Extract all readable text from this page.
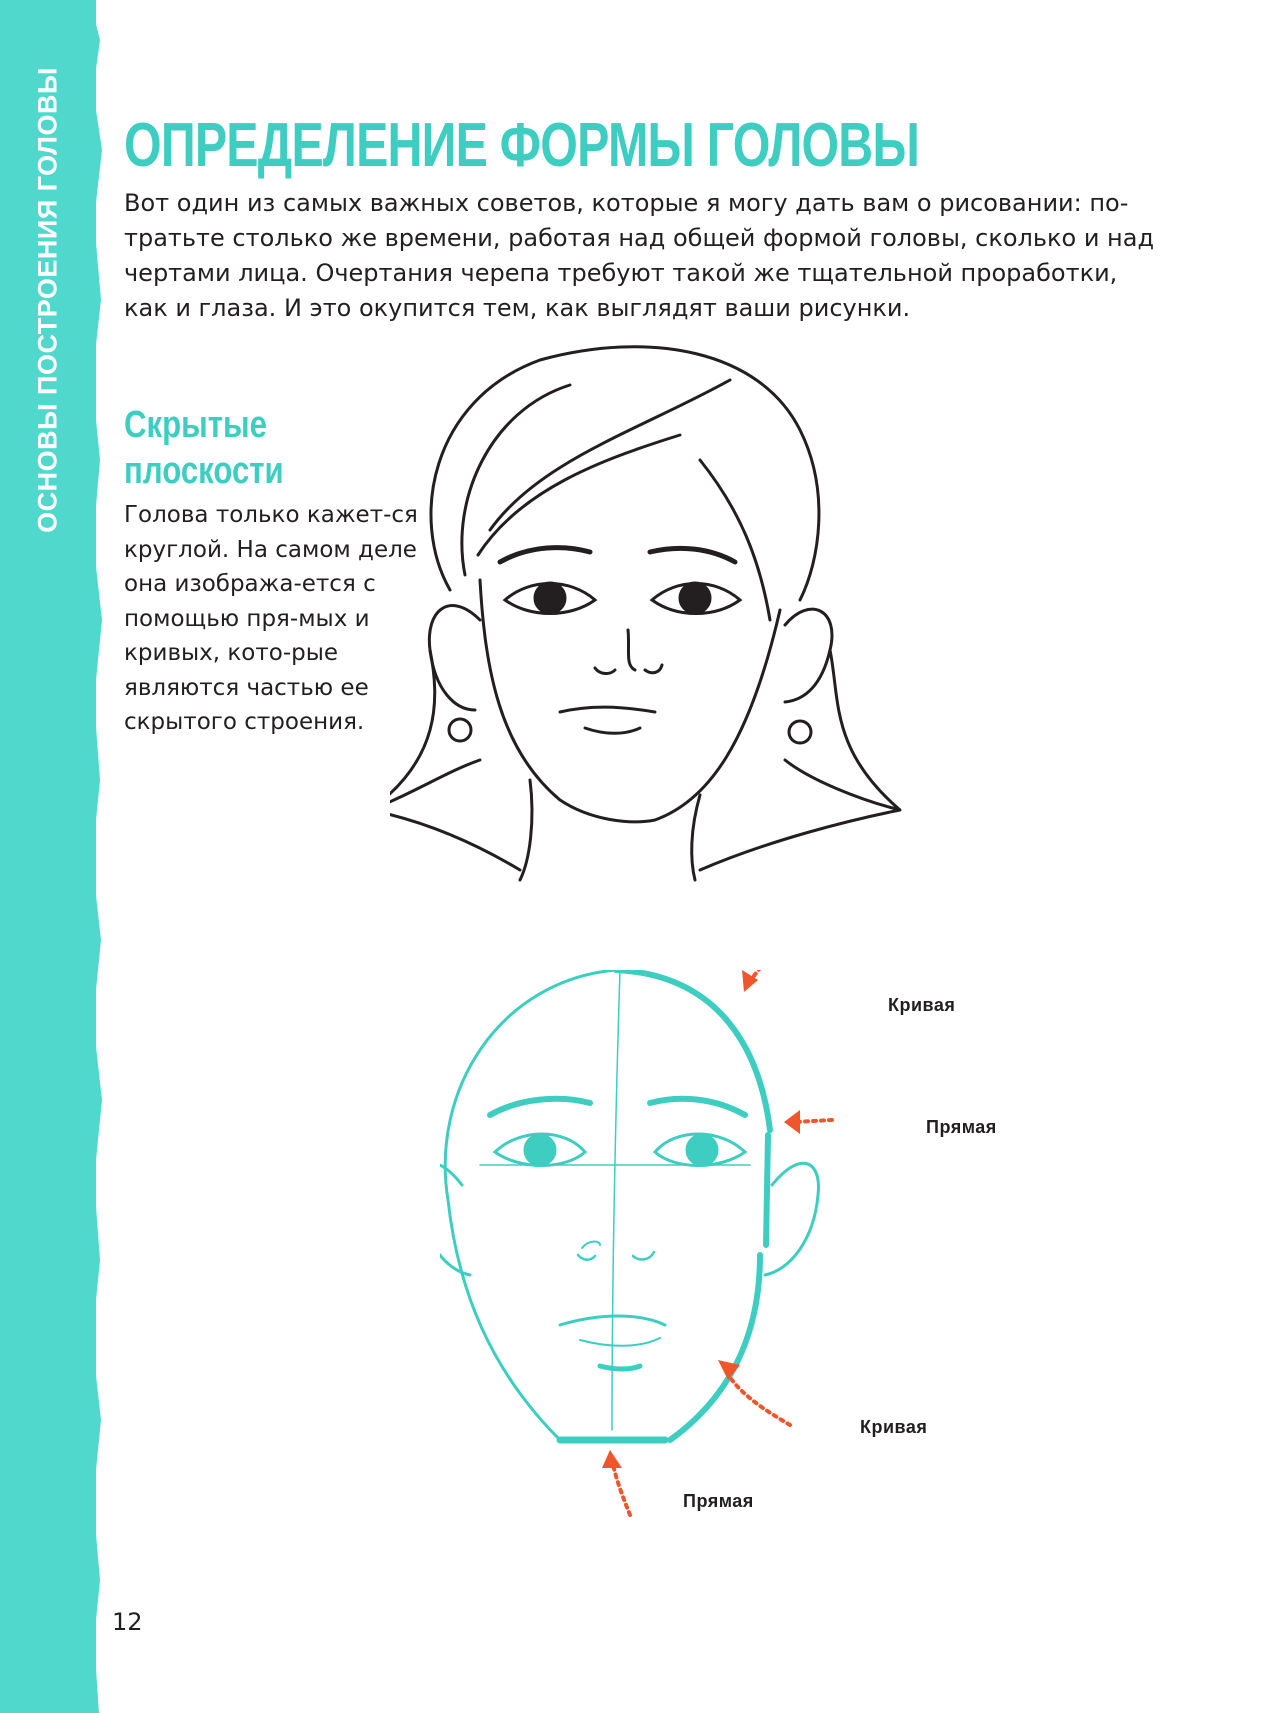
ОСНОВЫ ПОСТРОЕНИЯ ГОЛОВЫ ОПРЕДЕЛЕНИЕ ФОРМЫ ГОЛОВЫ

Вот один из самых важных советов, которые я могу дать вам о рисовании: по-тратьте столько же времени, работая над общей формой головы, сколько и над чертами лица. Очертания черепа требуют такой же тщательной проработки, как и глаза. И это окупится тем, как выглядят ваши рисунки.

Скрытые плоскости

Голова только кажет-ся круглой. На самом деле она изобража-ется с помощью пря-мых и кривых, кото-рые являются частью ее скрытого строения.

Кривая
Прямая
Кривая
Прямая
12
